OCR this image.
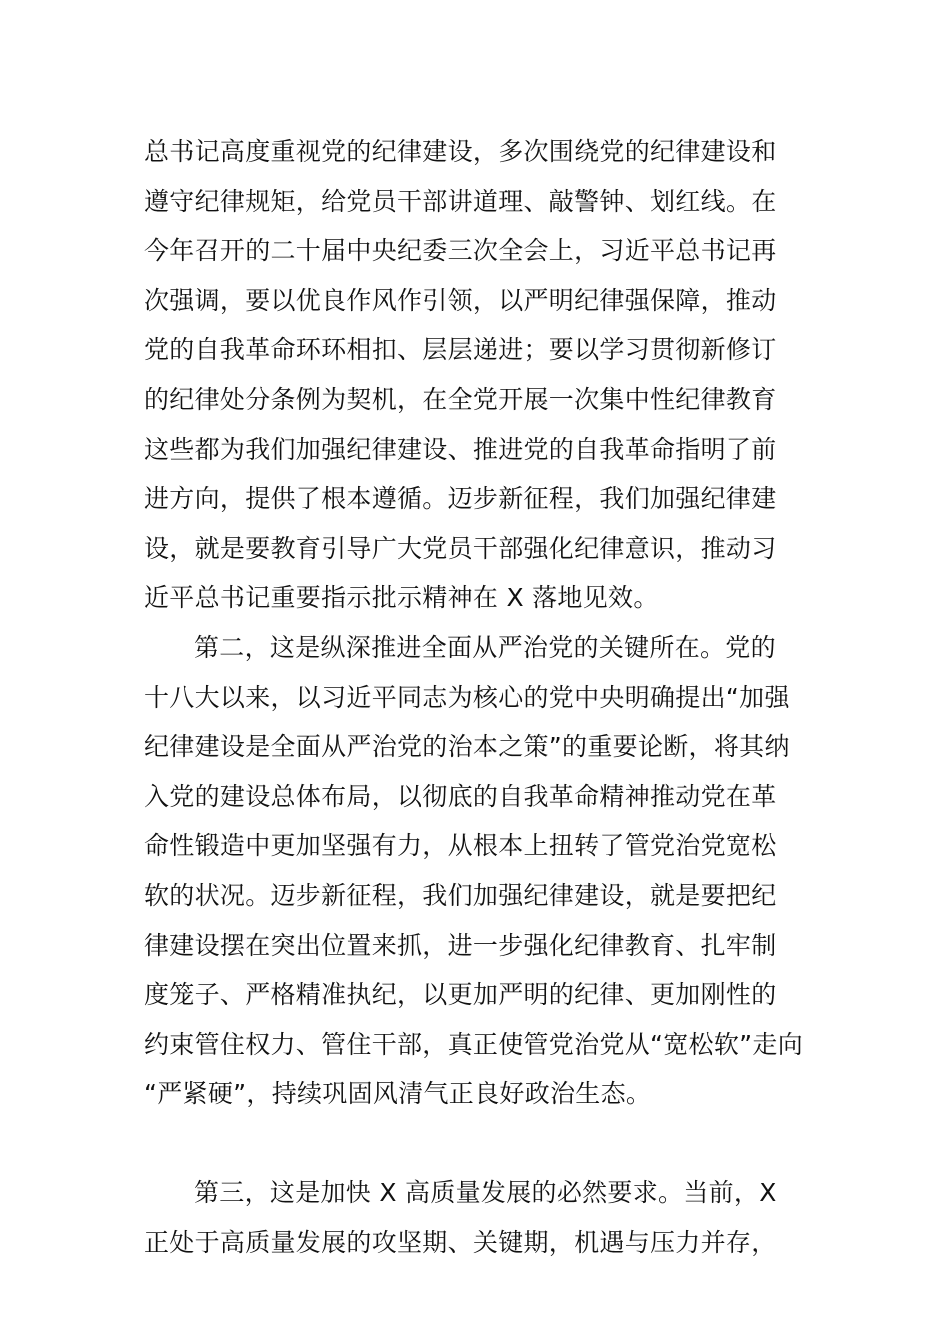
总书记高度重视党的纪律建设，多次围绕党的纪律建设和
遵守纪律规矩，给党员干部讲道理、敲警钟、划红线。在
今年召开的二十届中央纪委三次全会上，习近平总书记再
次强调，要以优良作风作引领，以严明纪律强保障，推动
党的自我革命环环相扣、层层递进；要以学习贯彻新修订
的纪律处分条例为契机，在全党开展一次集中性纪律教育
这些都为我们加强纪律建设、推进党的自我革命指明了前
进方向，提供了根本遵循。迈步新征程，我们加强纪律建
设，就是要教育引导广大党员干部强化纪律意识，推动习
近平总书记重要指示批示精神在 X 落地见效。
第二，这是纵深推进全面从严治党的关键所在。党的
十八大以来，以习近平同志为核心的党中央明确提出“加强
纪律建设是全面从严治党的治本之策”的重要论断，将其纳
入党的建设总体布局，以彻底的自我革命精神推动党在革
命性锻造中更加坚强有力，从根本上扭转了管党治党宽松
软的状况。迈步新征程，我们加强纪律建设，就是要把纪
律建设摆在突出位置来抓，进一步强化纪律教育、扎牢制
度笼子、严格精准执纪，以更加严明的纪律、更加刚性的
约束管住权力、管住干部，真正使管党治党从“宽松软”走向
“严紧硬”，持续巩固风清气正良好政治生态。
第三，这是加快 X 高质量发展的必然要求。当前，X
正处于高质量发展的攻坚期、关键期，机遇与压力并存，
